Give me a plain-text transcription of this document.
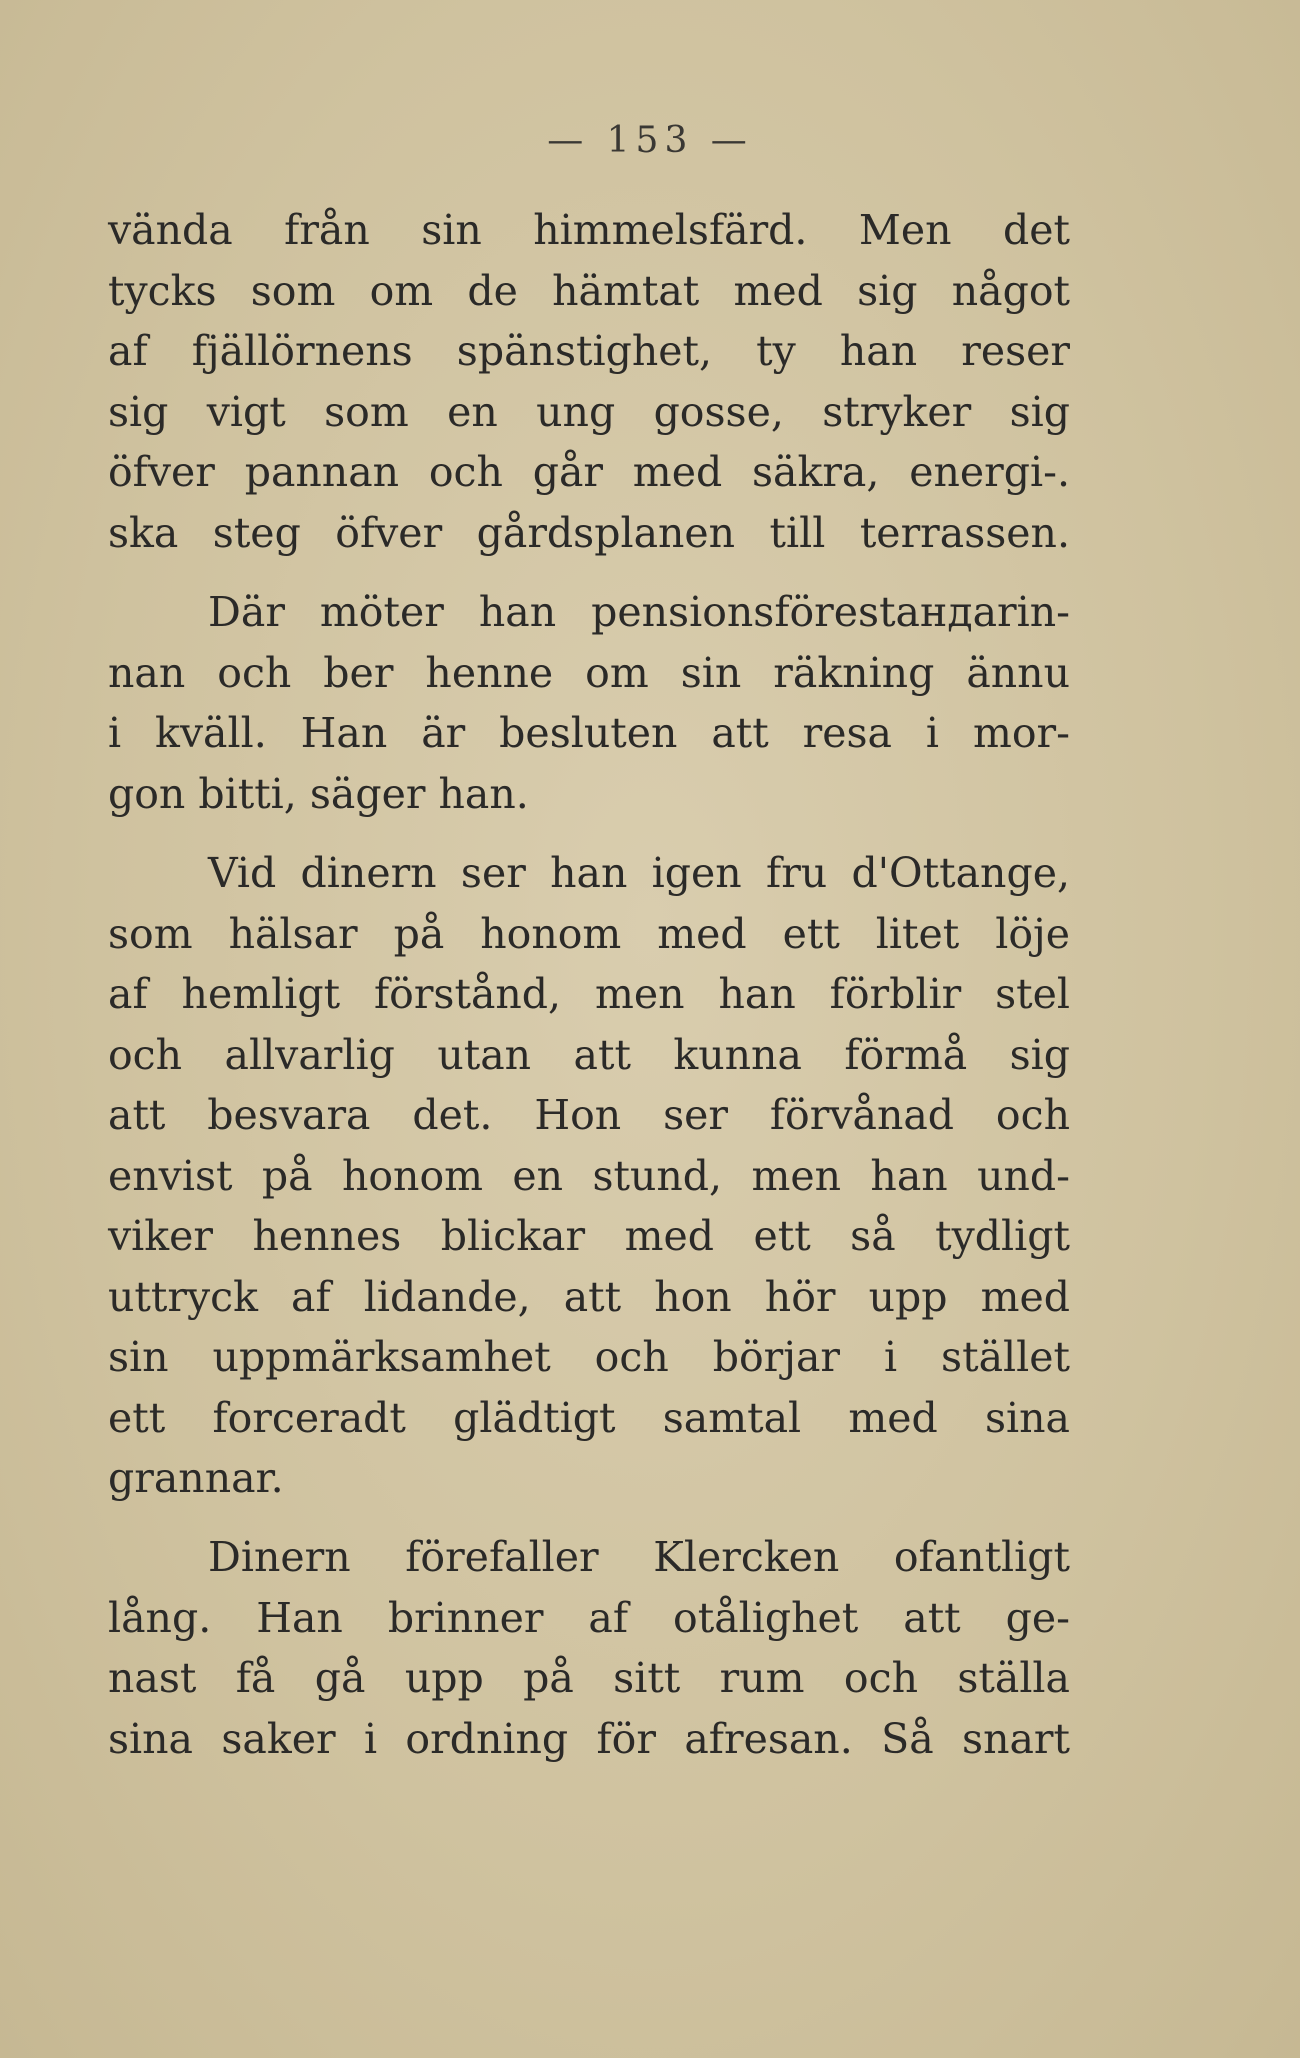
— 153 —
vända från sin himmelsfärd. Men det
tycks som om de hämtat med sig något
af fjällörnens spänstighet, ty han reser
sig vigt som en ung gosse, stryker sig
öfver pannan och går med säkra, energi-.
ska steg öfver gårdsplanen till terrassen.
Där möter han pensionsförestандarin-
nan och ber henne om sin räkning ännu
i kväll. Han är besluten att resa i mor-
gon bitti, säger han.
Vid dinern ser han igen fru d'Ottange,
som hälsar på honom med ett litet löje
af hemligt förstånd, men han förblir stel
och allvarlig utan att kunna förmå sig
att besvara det. Hon ser förvånad och
envist på honom en stund, men han und-
viker hennes blickar med ett så tydligt
uttryck af lidande, att hon hör upp med
sin uppmärksamhet och börjar i stället
ett forceradt glädtigt samtal med sina
grannar.
Dinern förefaller Klercken ofantligt
lång. Han brinner af otålighet att ge-
nast få gå upp på sitt rum och ställa
sina saker i ordning för afresan. Så snart
